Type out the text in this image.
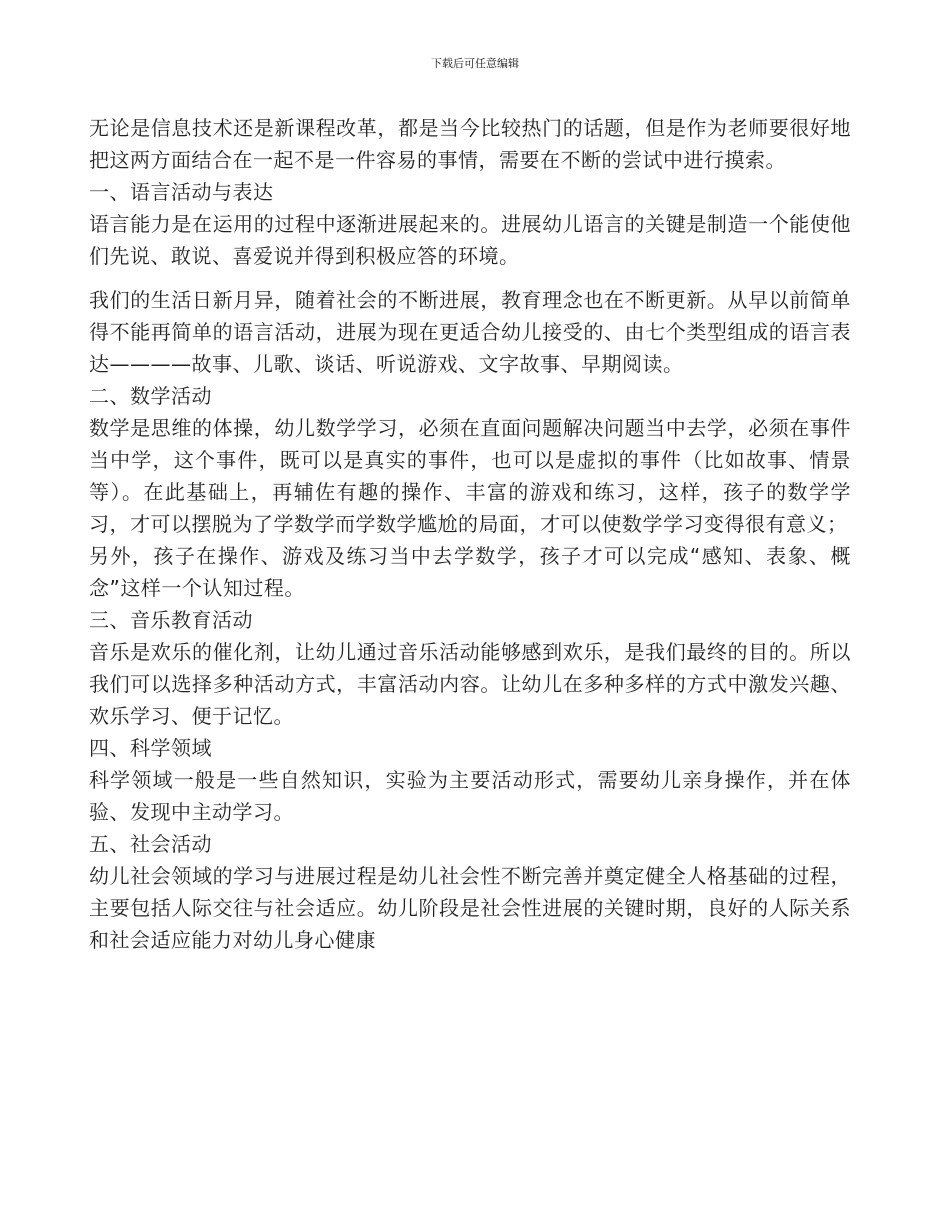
下载后可任意编辑

无论是信息技术还是新课程改革，都是当今比较热门的话题，但是作为老师要很好地把这两方面结合在一起不是一件容易的事情，需要在不断的尝试中进行摸索。

一、语言活动与表达

语言能力是在运用的过程中逐渐进展起来的。进展幼儿语言的关键是制造一个能使他们先说、敢说、喜爱说并得到积极应答的环境。

我们的生活日新月异，随着社会的不断进展，教育理念也在不断更新。从早以前简单得不能再简单的语言活动，进展为现在更适合幼儿接受的、由七个类型组成的语言表达————故事、儿歌、谈话、听说游戏、文字故事、早期阅读。

二、数学活动

数学是思维的体操，幼儿数学学习，必须在直面问题解决问题当中去学，必须在事件当中学，这个事件，既可以是真实的事件，也可以是虚拟的事件（比如故事、情景等）。在此基础上，再辅佐有趣的操作、丰富的游戏和练习，这样，孩子的数学学习，才可以摆脱为了学数学而学数学尴尬的局面，才可以使数学学习变得很有意义；

另外，孩子在操作、游戏及练习当中去学数学，孩子才可以完成“感知、表象、概念”这样一个认知过程。

三、音乐教育活动

音乐是欢乐的催化剂，让幼儿通过音乐活动能够感到欢乐，是我们最终的目的。所以我们可以选择多种活动方式，丰富活动内容。让幼儿在多种多样的方式中激发兴趣、欢乐学习、便于记忆。

四、科学领域

科学领域一般是一些自然知识，实验为主要活动形式，需要幼儿亲身操作，并在体验、发现中主动学习。

五、社会活动

幼儿社会领域的学习与进展过程是幼儿社会性不断完善并奠定健全人格基础的过程，主要包括人际交往与社会适应。幼儿阶段是社会性进展的关键时期，良好的人际关系和社会适应能力对幼儿身心健康
